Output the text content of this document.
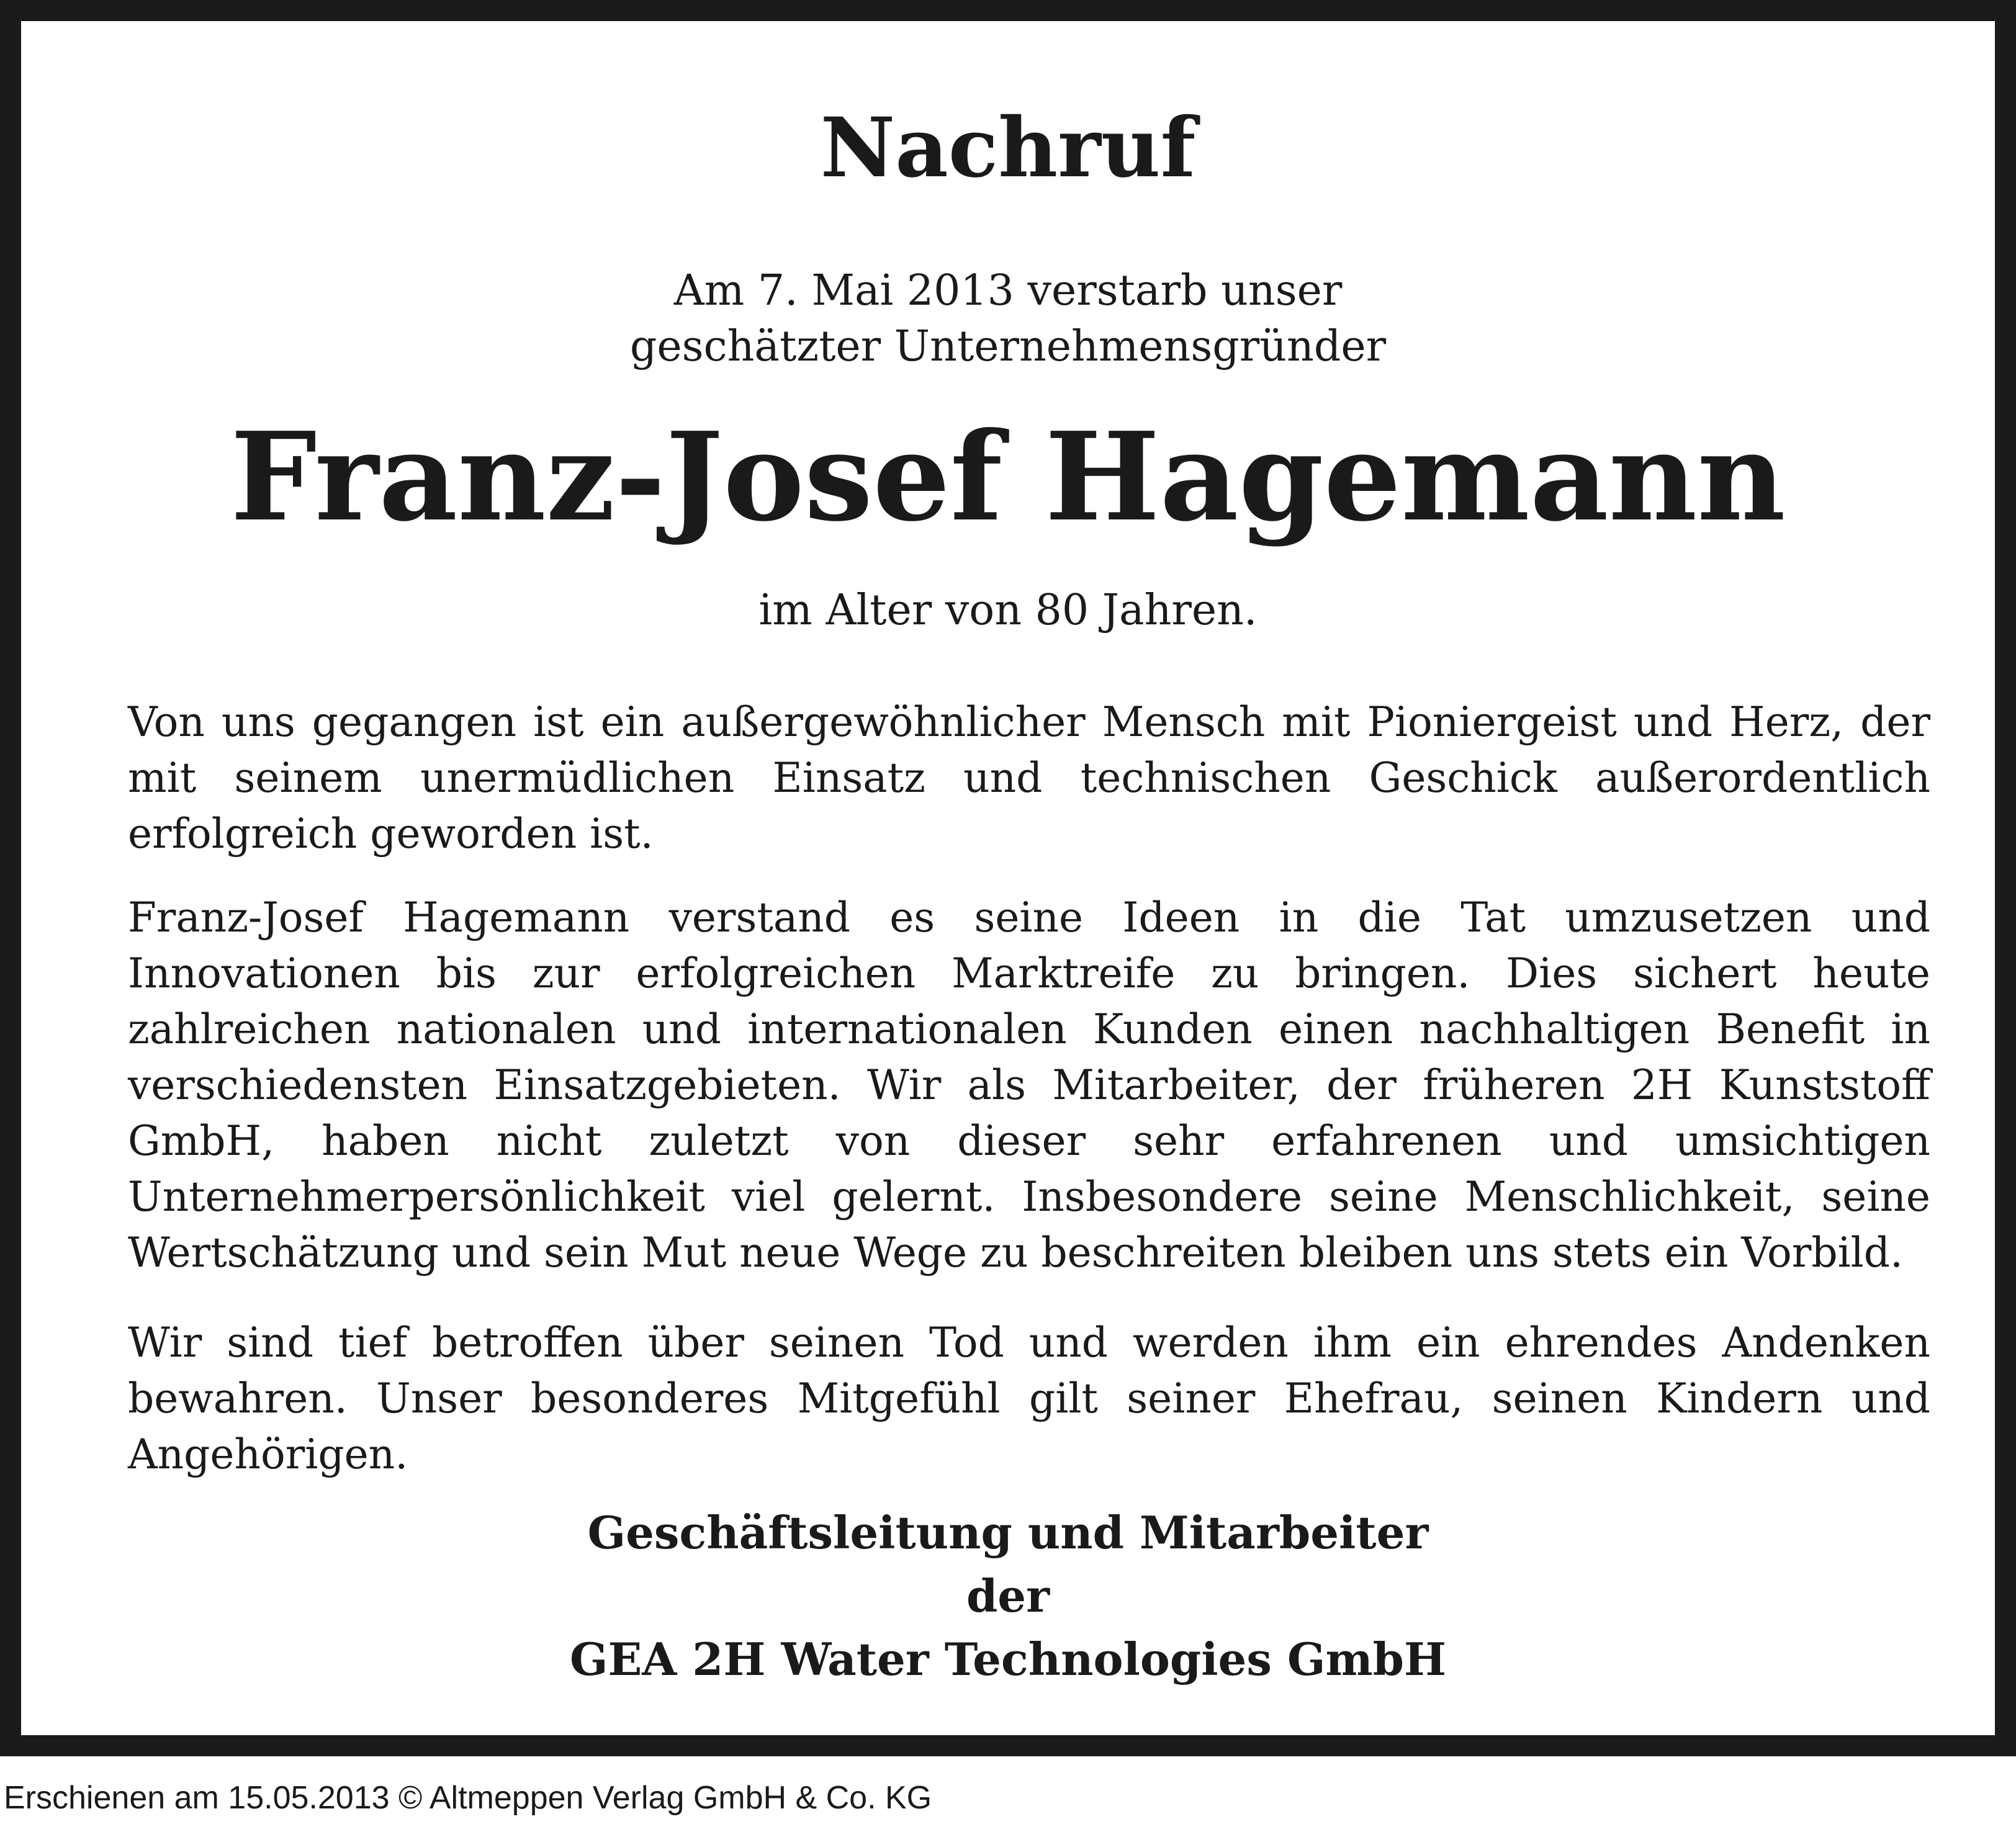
Nachruf
Am 7. Mai 2013 verstarb unser
geschätzter Unternehmensgründer
Franz-Josef Hagemann
im Alter von 80 Jahren.
Von uns gegangen ist ein außergewöhnlicher Mensch mit Pioniergeist und Herz, der mit seinem unermüdlichen Einsatz und technischen Geschick außerordentlich erfolgreich geworden ist.
Franz-Josef Hagemann verstand es seine Ideen in die Tat umzusetzen und Innovationen bis zur erfolgreichen Marktreife zu bringen. Dies sichert heute zahlreichen nationalen und internationalen Kunden einen nachhaltigen Benefit in verschiedensten Einsatzgebieten. Wir als Mitarbeiter, der früheren 2H Kunststoff GmbH, haben nicht zuletzt von dieser sehr erfahrenen und umsichtigen Unternehmerpersönlichkeit viel gelernt. Insbesondere seine Menschlichkeit, seine Wertschätzung und sein Mut neue Wege zu beschreiten bleiben uns stets ein Vorbild.
Wir sind tief betroffen über seinen Tod und werden ihm ein ehrendes Andenken bewahren. Unser besonderes Mitgefühl gilt seiner Ehefrau, seinen Kindern und Angehörigen.
Geschäftsleitung und Mitarbeiter
der
GEA 2H Water Technologies GmbH
Erschienen am 15.05.2013 © Altmeppen Verlag GmbH & Co. KG
